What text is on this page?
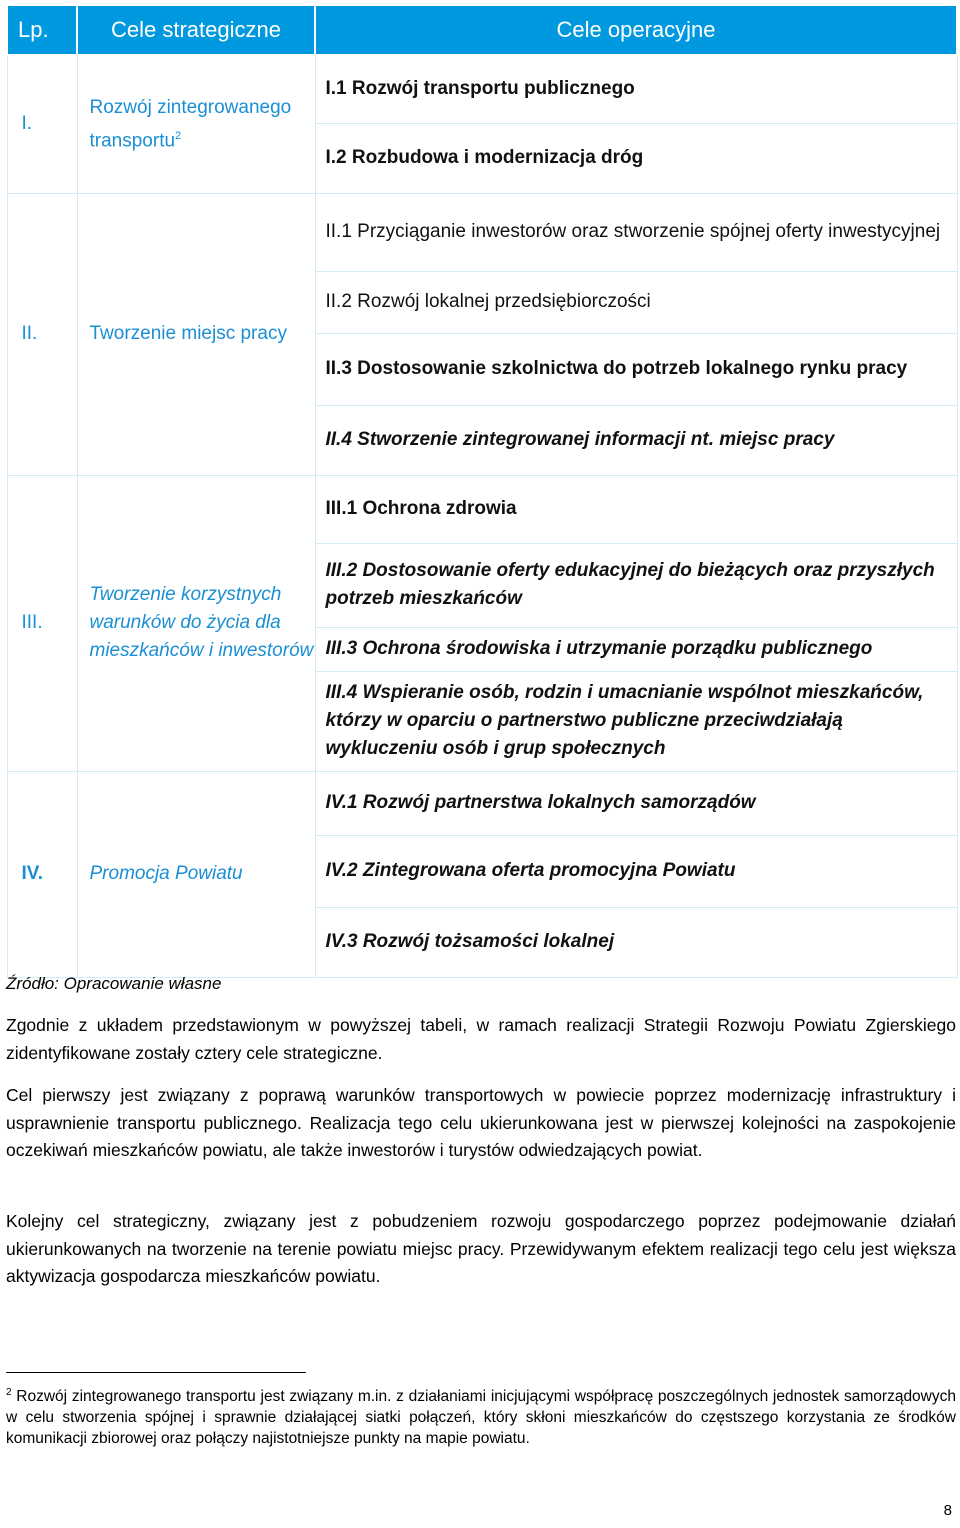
Lp.	Cele strategiczne	Cele operacyjne
I.	Rozwój zintegrowanego transportu$^2$	I.1 Rozwój transportu publicznego
		I.2 Rozbudowa i modernizacja dróg
II.	Tworzenie miejsc pracy	II.1 Przyciąganie inwestorów oraz stworzenie spójnej oferty inwestycyjnej
		II.2 Rozwój lokalnej przedsiębiorczości
		II.3 Dostosowanie szkolnictwa do potrzeb lokalnego rynku pracy
		II.4 Stworzenie zintegrowanej informacji nt. miejsc pracy
III.	Tworzenie korzystnych warunków do życia dla mieszkańców i inwestorów	III.1 Ochrona zdrowia
		III.2 Dostosowanie oferty edukacyjnej do bieżących oraz przyszłych potrzeb mieszkańców
		III.3 Ochrona środowiska i utrzymanie porządku publicznego
		III.4 Wspieranie osób, rodzin i umacnianie wspólnot mieszkańców, którzy w oparciu o partnerstwo publiczne przeciwdziałają wykluczeniu osób i grup społecznych
IV.	Promocja Powiatu	IV.1 Rozwój partnerstwa lokalnych samorządów
		IV.2 Zintegrowana oferta promocyjna Powiatu
		IV.3 Rozwój tożsamości lokalnej
Źródło: Opracowanie własne

Zgodnie z układem przedstawionym w powyższej tabeli, w ramach realizacji Strategii Rozwoju Powiatu Zgierskiego zidentyfikowane zostały cztery cele strategiczne.

Cel pierwszy jest związany z poprawą warunków transportowych w powiecie poprzez modernizację infrastruktury i usprawnienie transportu publicznego. Realizacja tego celu ukierunkowana jest w pierwszej kolejności na zaspokojenie oczekiwań mieszkańców powiatu, ale także inwestorów i turystów odwiedzających powiat.

Kolejny cel strategiczny, związany jest z pobudzeniem rozwoju gospodarczego poprzez podejmowanie działań ukierunkowanych na tworzenie na terenie powiatu miejsc pracy. Przewidywanym efektem realizacji tego celu jest większa aktywizacja gospodarcza mieszkańców powiatu.

$^2$ Rozwój zintegrowanego transportu jest związany m.in. z działaniami inicjującymi współpracę poszczególnych jednostek samorządowych w celu stworzenia spójnej i sprawnie działającej siatki połączeń, który skłoni mieszkańców do częstszego korzystania ze środków komunikacji zbiorowej oraz połączy najistotniejsze punkty na mapie powiatu.

8
